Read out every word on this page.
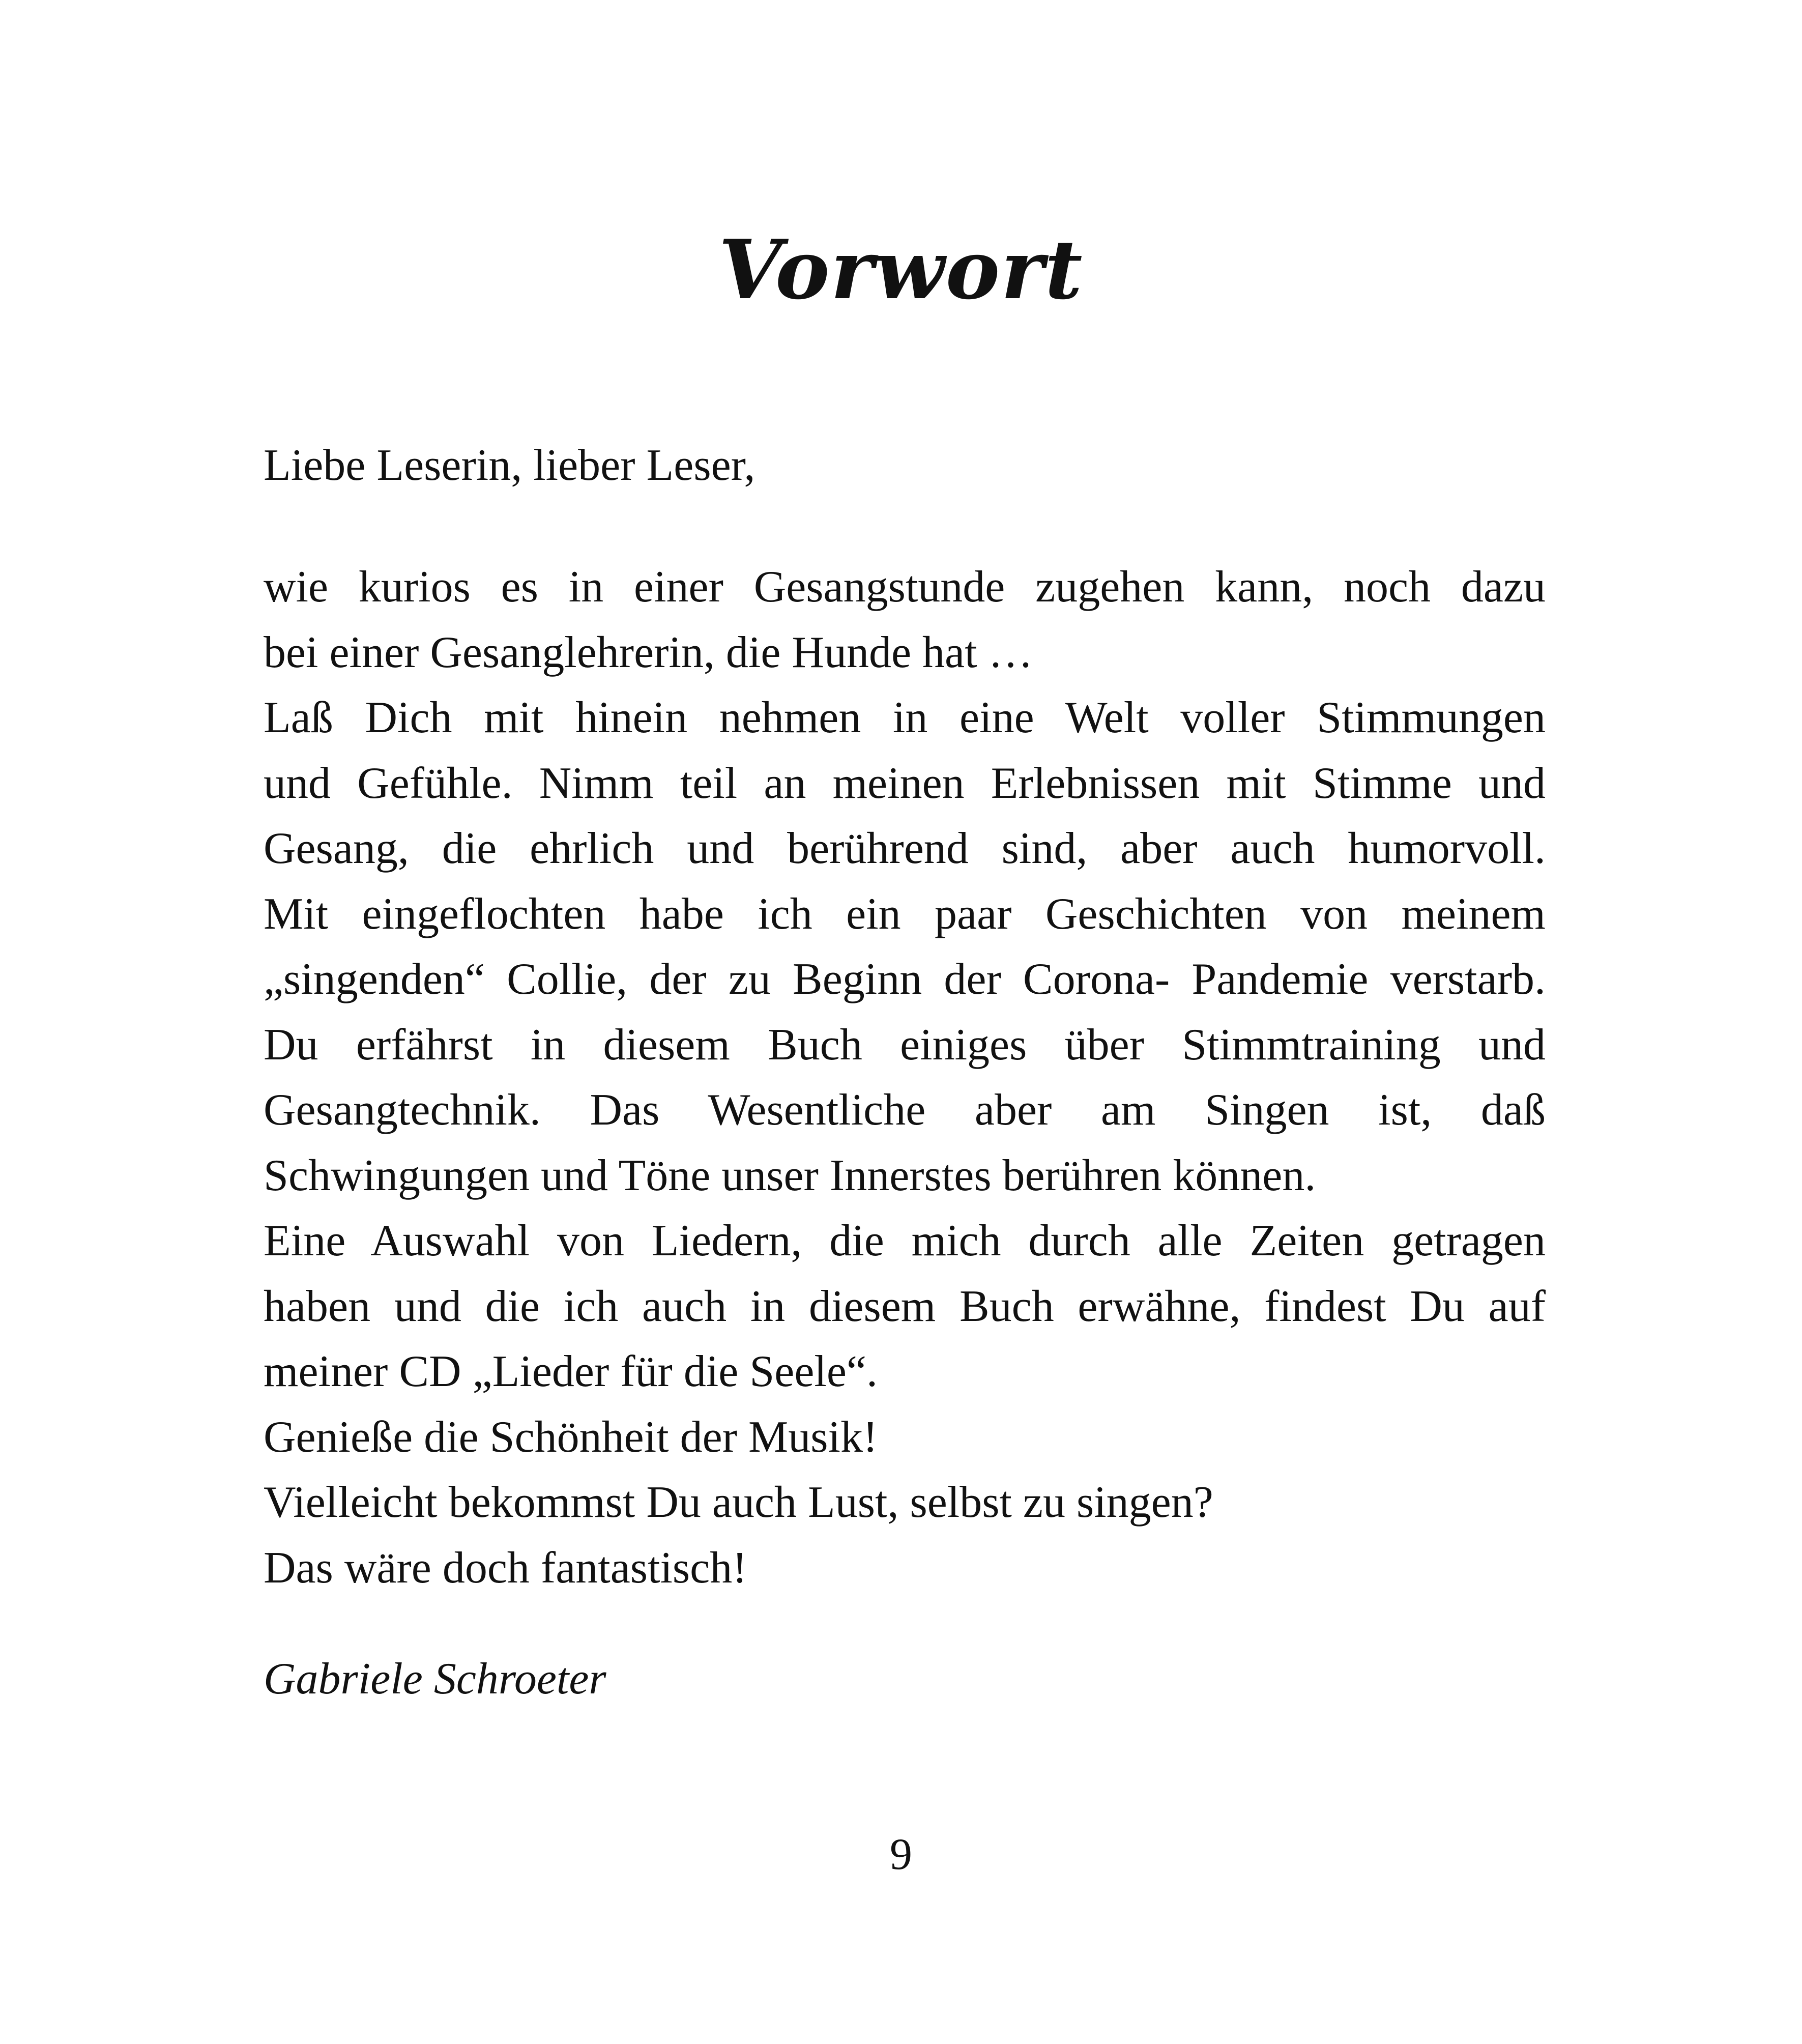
Vorwort
Liebe Leserin, lieber Leser,
wie kurios es in einer Gesangstunde zugehen kann, noch dazu
bei einer Gesanglehrerin, die Hunde hat …
Laß Dich mit hinein nehmen in eine Welt voller Stimmungen
und Gefühle. Nimm teil an meinen Erlebnissen mit Stimme und
Gesang, die ehrlich und berührend sind, aber auch humorvoll.
Mit eingeflochten habe ich ein paar Geschichten von meinem
„singenden“ Collie, der zu Beginn der Corona- Pandemie verstarb.
Du erfährst in diesem Buch einiges über Stimmtraining und
Gesangtechnik. Das Wesentliche aber am Singen ist, daß
Schwingungen und Töne unser Innerstes berühren können.
Eine Auswahl von Liedern, die mich durch alle Zeiten getragen
haben und die ich auch in diesem Buch erwähne, findest Du auf
meiner CD „Lieder für die Seele“.
Genieße die Schönheit der Musik!
Vielleicht bekommst Du auch Lust, selbst zu singen?
Das wäre doch fantastisch!
Gabriele Schroeter
9
